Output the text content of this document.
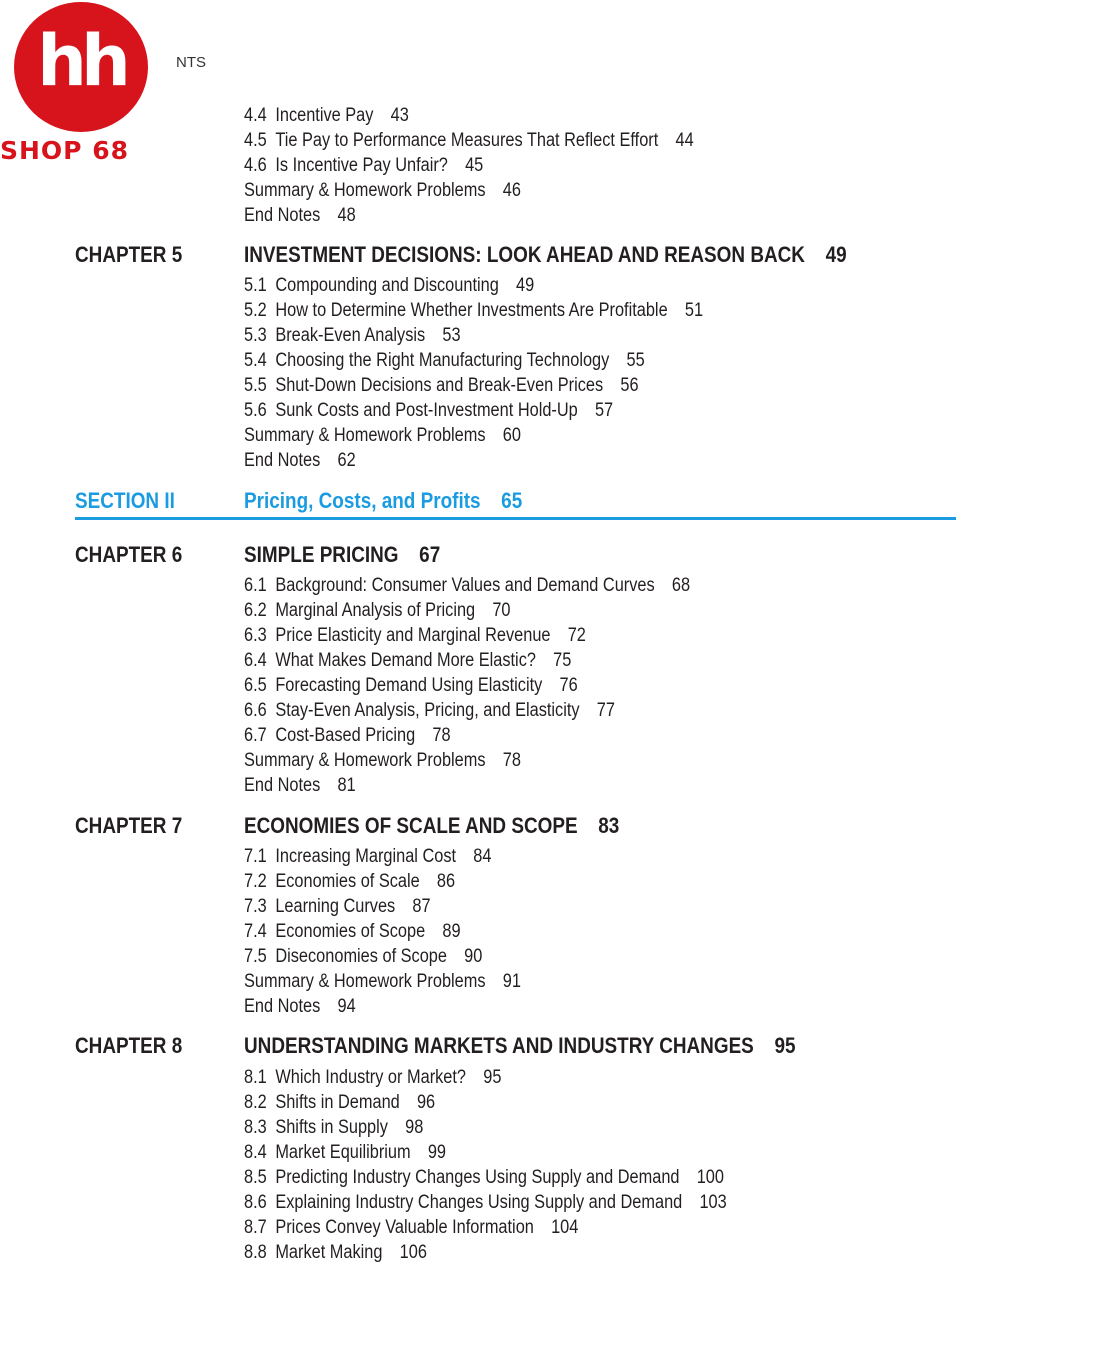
hh
SHOP 68
NTS
4.4 Incentive Pay 43
4.5 Tie Pay to Performance Measures That Reflect Effort 44
4.6 Is Incentive Pay Unfair? 45
Summary & Homework Problems 46
End Notes 48
CHAPTER 5	INVESTMENT DECISIONS: LOOK AHEAD AND REASON BACK 49
5.1 Compounding and Discounting 49
5.2 How to Determine Whether Investments Are Profitable 51
5.3 Break-Even Analysis 53
5.4 Choosing the Right Manufacturing Technology 55
5.5 Shut-Down Decisions and Break-Even Prices 56
5.6 Sunk Costs and Post-Investment Hold-Up 57
Summary & Homework Problems 60
End Notes 62
SECTION II	Pricing, Costs, and Profits 65
CHAPTER 6	SIMPLE PRICING 67
6.1 Background: Consumer Values and Demand Curves 68
6.2 Marginal Analysis of Pricing 70
6.3 Price Elasticity and Marginal Revenue 72
6.4 What Makes Demand More Elastic? 75
6.5 Forecasting Demand Using Elasticity 76
6.6 Stay-Even Analysis, Pricing, and Elasticity 77
6.7 Cost-Based Pricing 78
Summary & Homework Problems 78
End Notes 81
CHAPTER 7	ECONOMIES OF SCALE AND SCOPE 83
7.1 Increasing Marginal Cost 84
7.2 Economies of Scale 86
7.3 Learning Curves 87
7.4 Economies of Scope 89
7.5 Diseconomies of Scope 90
Summary & Homework Problems 91
End Notes 94
CHAPTER 8	UNDERSTANDING MARKETS AND INDUSTRY CHANGES 95
8.1 Which Industry or Market? 95
8.2 Shifts in Demand 96
8.3 Shifts in Supply 98
8.4 Market Equilibrium 99
8.5 Predicting Industry Changes Using Supply and Demand 100
8.6 Explaining Industry Changes Using Supply and Demand 103
8.7 Prices Convey Valuable Information 104
8.8 Market Making 106
